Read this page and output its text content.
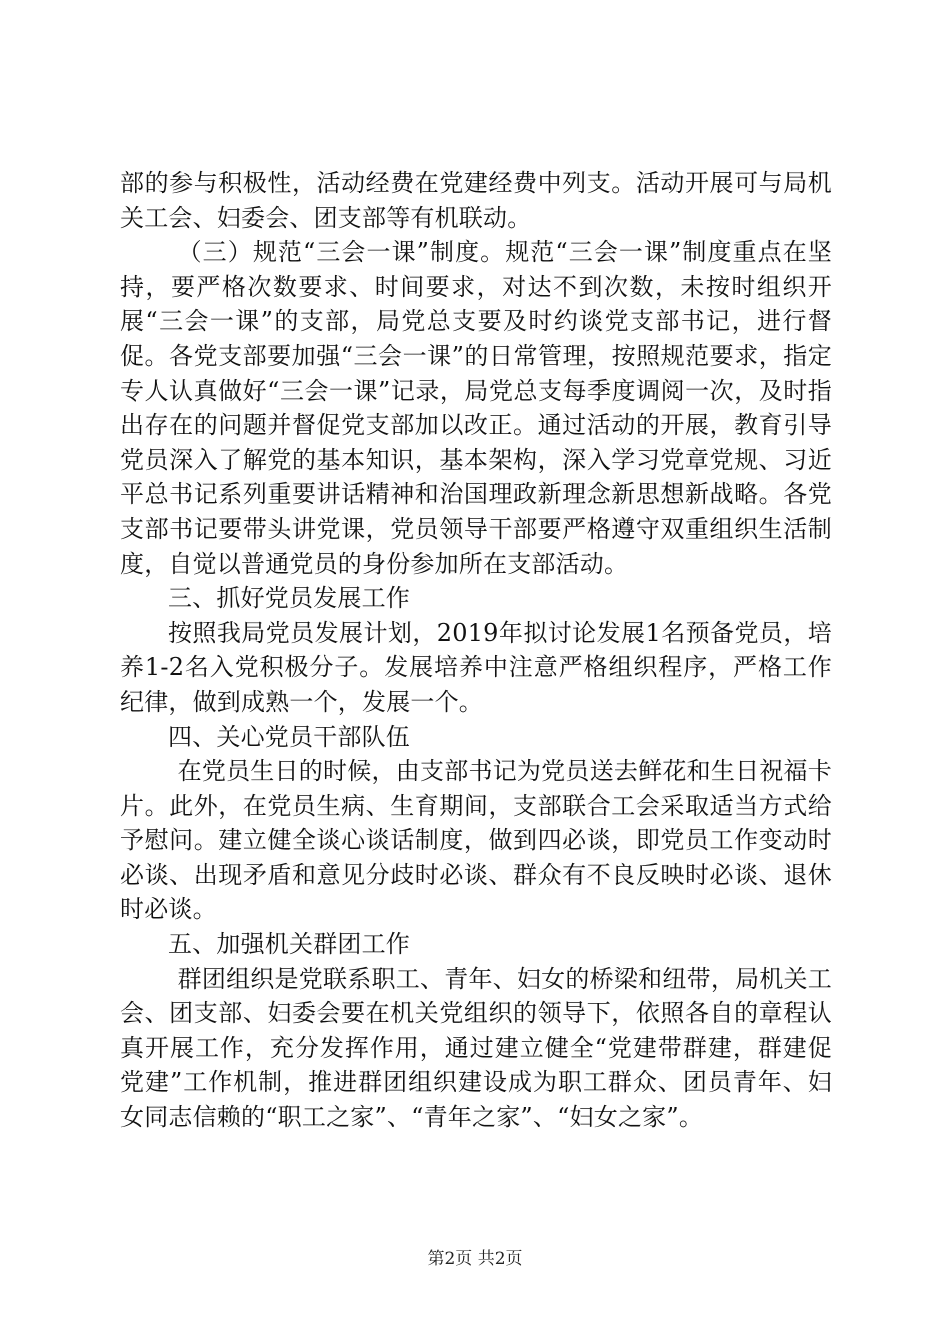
部的参与积极性，活动经费在党建经费中列支。活动开展可与局机关工会、妇委会、团支部等有机联动。

（三）规范“三会一课”制度。规范“三会一课”制度重点在坚持，要严格次数要求、时间要求，对达不到次数，未按时组织开展“三会一课”的支部，局党总支要及时约谈党支部书记，进行督促。各党支部要加强“三会一课”的日常管理，按照规范要求，指定专人认真做好“三会一课”记录，局党总支每季度调阅一次，及时指出存在的问题并督促党支部加以改正。通过活动的开展，教育引导党员深入了解党的基本知识，基本架构，深入学习党章党规、习近平总书记系列重要讲话精神和治国理政新理念新思想新战略。各党支部书记要带头讲党课，党员领导干部要严格遵守双重组织生活制度，自觉以普通党员的身份参加所在支部活动。

三、抓好党员发展工作

按照我局党员发展计划，2019年拟讨论发展1名预备党员，培养1-2名入党积极分子。发展培养中注意严格组织程序，严格工作纪律，做到成熟一个，发展一个。

四、关心党员干部队伍

在党员生日的时候，由支部书记为党员送去鲜花和生日祝福卡片。此外，在党员生病、生育期间，支部联合工会采取适当方式给予慰问。建立健全谈心谈话制度，做到四必谈，即党员工作变动时必谈、出现矛盾和意见分歧时必谈、群众有不良反映时必谈、退休时必谈。

五、加强机关群团工作

群团组织是党联系职工、青年、妇女的桥梁和纽带，局机关工会、团支部、妇委会要在机关党组织的领导下，依照各自的章程认真开展工作，充分发挥作用，通过建立健全“党建带群建，群建促党建”工作机制，推进群团组织建设成为职工群众、团员青年、妇女同志信赖的“职工之家”、“青年之家”、“妇女之家”。

第2页 共2页
